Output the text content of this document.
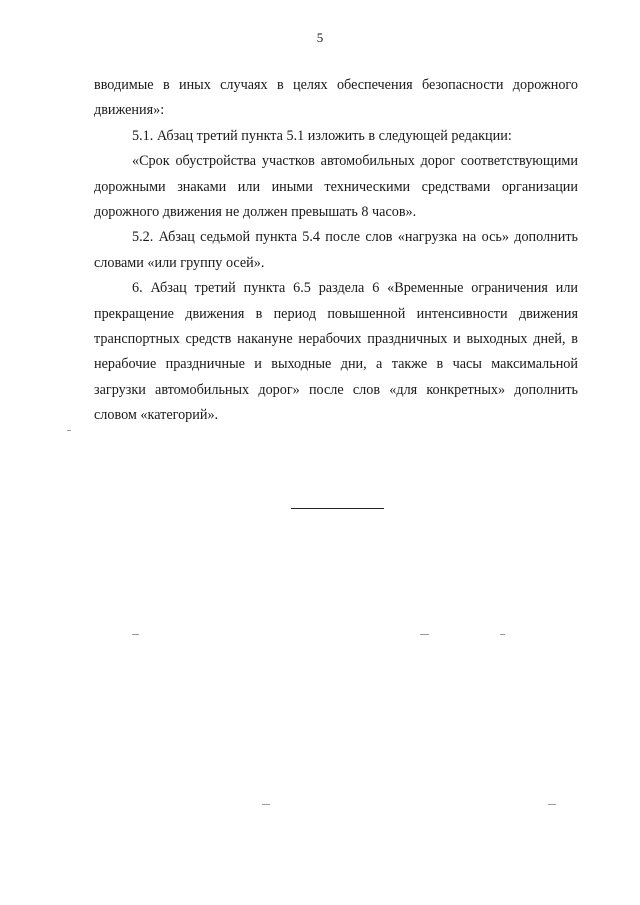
5

вводимые в иных случаях в целях обеспечения безопасности дорожного движения»:

5.1. Абзац третий пункта 5.1 изложить в следующей редакции:

«Срок обустройства участков автомобильных дорог соответствующими дорожными знаками или иными техническими средствами организации дорожного движения не должен превышать 8 часов».

5.2. Абзац седьмой пункта 5.4 после слов «нагрузка на ось» дополнить словами «или группу осей».

6. Абзац третий пункта 6.5 раздела 6 «Временные ограничения или прекращение движения в период повышенной интенсивности движения транспортных средств накануне нерабочих праздничных и выходных дней, в нерабочие праздничные и выходные дни, а также в часы максимальной загрузки автомобильных дорог» после слов «для конкретных» дополнить словом «категорий».
